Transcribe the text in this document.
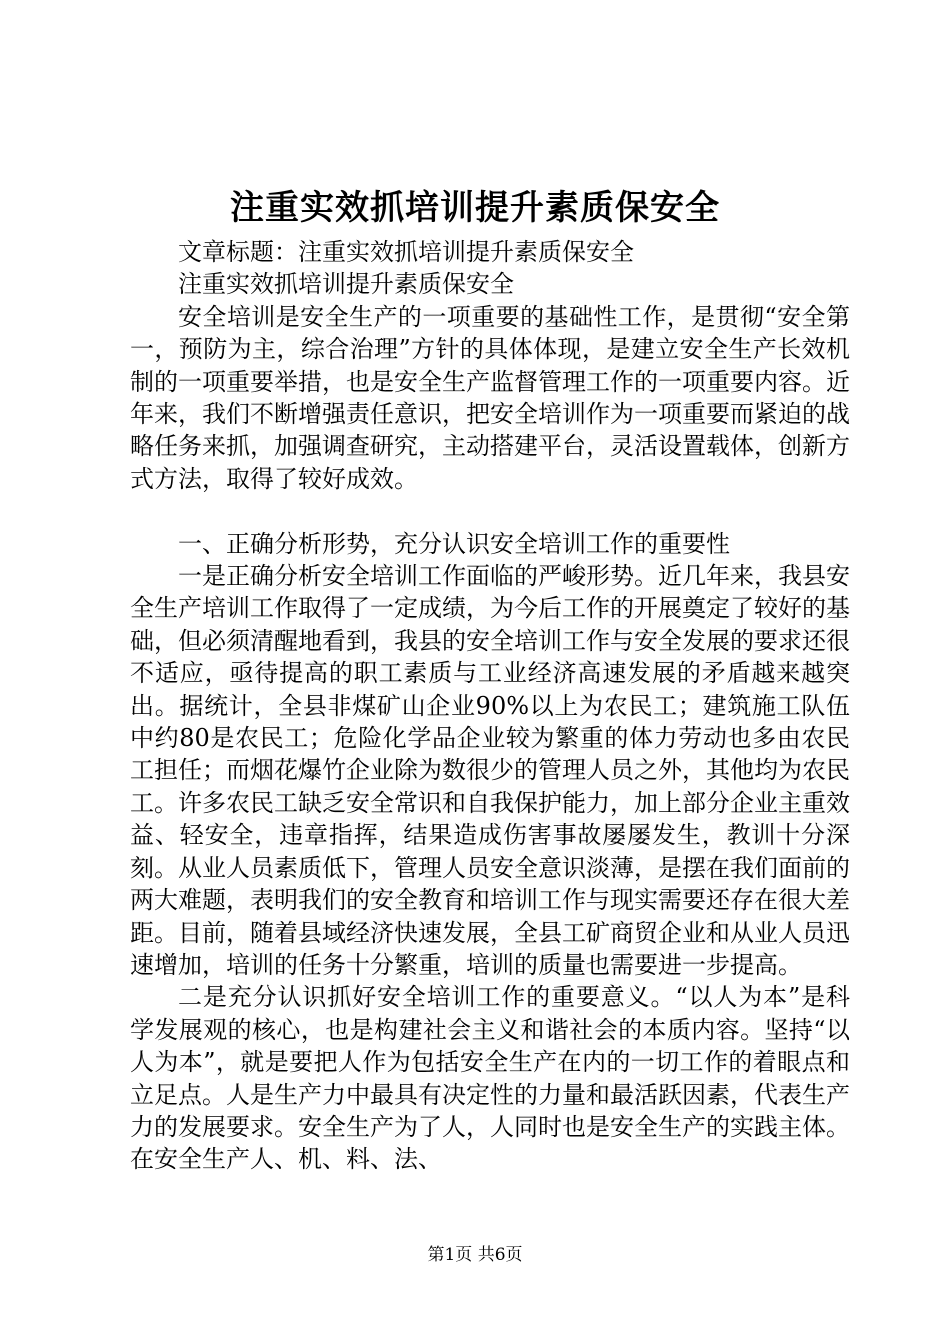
注重实效抓培训提升素质保安全

文章标题：注重实效抓培训提升素质保安全

注重实效抓培训提升素质保安全

安全培训是安全生产的一项重要的基础性工作，是贯彻“安全第一，预防为主，综合治理”方针的具体体现，是建立安全生产长效机制的一项重要举措，也是安全生产监督管理工作的一项重要内容。近年来，我们不断增强责任意识，把安全培训作为一项重要而紧迫的战略任务来抓，加强调查研究，主动搭建平台，灵活设置载体，创新方式方法，取得了较好成效。

一、正确分析形势，充分认识安全培训工作的重要性

一是正确分析安全培训工作面临的严峻形势。近几年来，我县安全生产培训工作取得了一定成绩，为今后工作的开展奠定了较好的基础，但必须清醒地看到，我县的安全培训工作与安全发展的要求还很不适应，亟待提高的职工素质与工业经济高速发展的矛盾越来越突出。据统计，全县非煤矿山企业90%以上为农民工；建筑施工队伍中约80是农民工；危险化学品企业较为繁重的体力劳动也多由农民工担任；而烟花爆竹企业除为数很少的管理人员之外，其他均为农民工。许多农民工缺乏安全常识和自我保护能力，加上部分企业主重效益、轻安全，违章指挥，结果造成伤害事故屡屡发生，教训十分深刻。从业人员素质低下，管理人员安全意识淡薄，是摆在我们面前的两大难题，表明我们的安全教育和培训工作与现实需要还存在很大差距。目前，随着县域经济快速发展，全县工矿商贸企业和从业人员迅速增加，培训的任务十分繁重，培训的质量也需要进一步提高。

二是充分认识抓好安全培训工作的重要意义。“以人为本”是科学发展观的核心，也是构建社会主义和谐社会的本质内容。坚持“以人为本”，就是要把人作为包括安全生产在内的一切工作的着眼点和立足点。人是生产力中最具有决定性的力量和最活跃因素，代表生产力的发展要求。安全生产为了人，人同时也是安全生产的实践主体。在安全生产人、机、料、法、

第1页 共6页
